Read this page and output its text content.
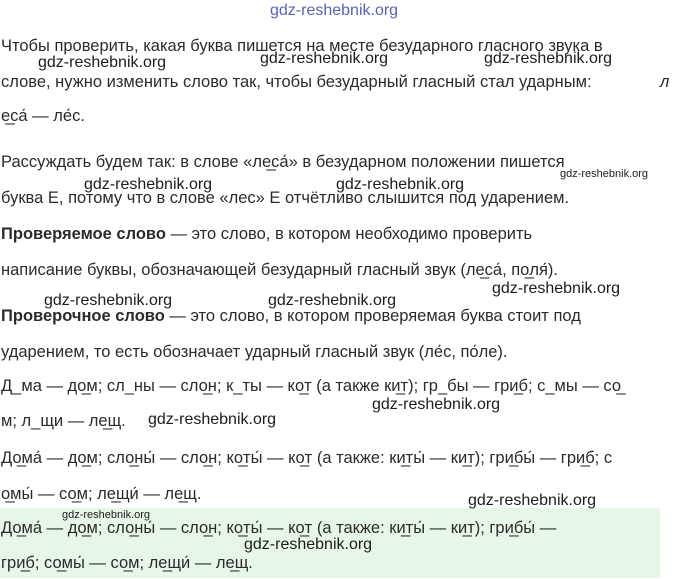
gdz-reshebnik.org
Чтобы проверить, какая буква пишется на месте безударного гласного звука в
слове, нужно изменить слово так, чтобы безударный гласный стал ударным:	л
е̲са́ — ле́с.
Рассуждать будем так: в слове «ле̲са́» в безударном положении пишется
буква Е, потому что в слове «лес» Е отчётливо слышится под ударением.
Проверяемое слово — это слово, в котором необходимо проверить
написание буквы, обозначающей безударный гласный звук (ле̲са́, по̲ля́).
Проверочное слово — это слово, в котором проверяемая буква стоит под
ударением, то есть обозначает ударный гласный звук (ле́с, по́ле).
Д_ма — до̲м; сл_ны — сло̲н; к_ты — ко̲т (а также ки̲т); гр_бы — гри̲б; с_мы — со̲
м; л_щи — ле̲щ.
До̲ма́ — до̲м; сло̲ны́ — сло̲н; ко̲ты́ — ко̲т (а также: ки̲ты́ — ки̲т); гри̲бы́ — гри̲б; с
о̲мы́ — со̲м; ле̲щи́ — ле̲щ.
До̲ма́ — до̲м; сло̲ны́ — сло̲н; ко̲ты́ — ко̲т (а также: ки̲ты́ — ки̲т); гри̲бы́ —
гри̲б; со̲мы́ — со̲м; ле̲щи́ — ле̲щ.
gdz-reshebnik.org	gdz-reshebnik.org	gdz-reshebnik.org
gdz-reshebnik.org	gdz-reshebnik.org
gdz-reshebnik.org
gdz-reshebnik.org
gdz-reshebnik.org	gdz-reshebnik.org
gdz-reshebnik.org
gdz-reshebnik.org
gdz-reshebnik.org
gdz-reshebnik.org
gdz-reshebnik.org
